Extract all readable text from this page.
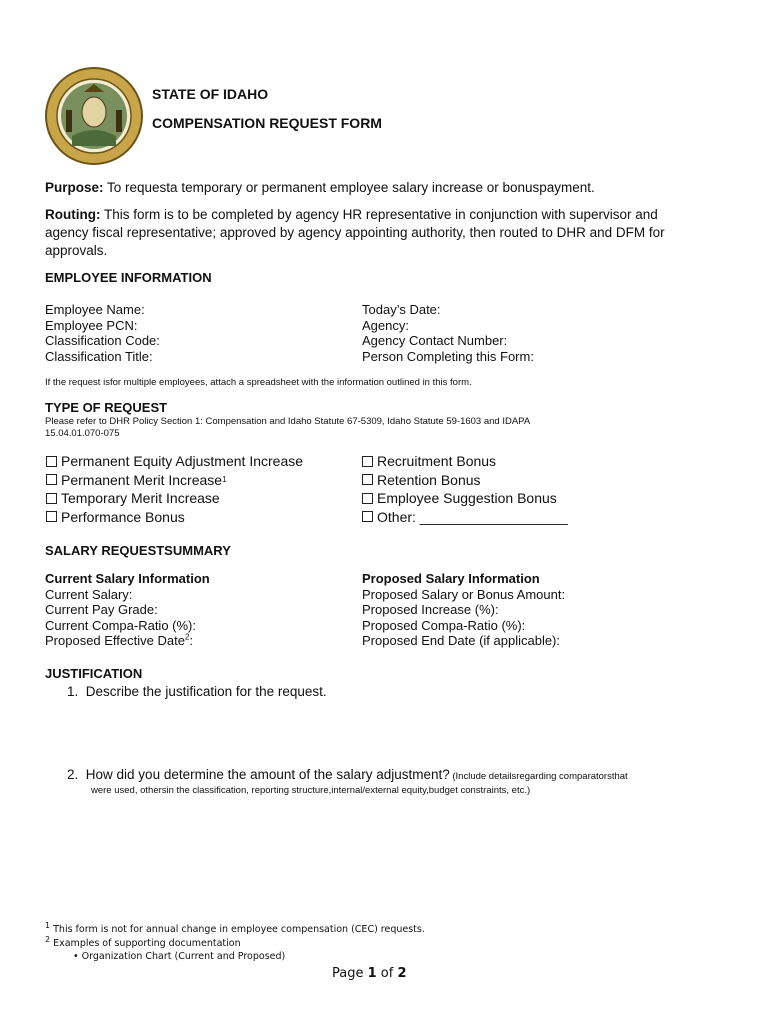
STATE OF IDAHO
COMPENSATION REQUEST FORM
Purpose: To requesta temporary or permanent employee salary increase or bonuspayment.
Routing: This form is to be completed by agency HR representative in conjunction with supervisor and agency fiscal representative; approved by agency appointing authority, then routed to DHR and DFM for approvals.
EMPLOYEE INFORMATION
Employee Name:
Employee PCN:
Classification Code:
Classification Title:
Today’s Date:
Agency:
Agency Contact Number:
Person Completing this Form:
If the request isfor multiple employees, attach a spreadsheet with the information outlined in this form.
TYPE OF REQUEST
Please refer to DHR Policy Section 1: Compensation and Idaho Statute 67-5309, Idaho Statute 59-1603 and IDAPA 15.04.01.070-075
Permanent Equity Adjustment Increase
Permanent Merit Increase 1
Temporary Merit Increase
Performance Bonus
Recruitment Bonus
Retention Bonus
Employee Suggestion Bonus
Other: ___________________
SALARY REQUESTSUMMARY
Current Salary Information
Current Salary:
Current Pay Grade:
Current Compa-Ratio (%):
Proposed Effective Date$^2$:
Proposed Salary Information
Proposed Salary or Bonus Amount:
Proposed Increase (%):
Proposed Compa-Ratio (%):
Proposed End Date (if applicable):
JUSTIFICATION
1. Describe the justification for the request.
2. How did you determine the amount of the salary adjustment? (Include detailsregarding comparatorsthat
were used, othersin the classification, reporting structure,internal/external equity,budget constraints, etc.)
$^1$ This form is not for annual change in employee compensation (CEC) requests.
$^2$ Examples of supporting documentation
• Organization Chart (Current and Proposed)
Page 1 of 2
